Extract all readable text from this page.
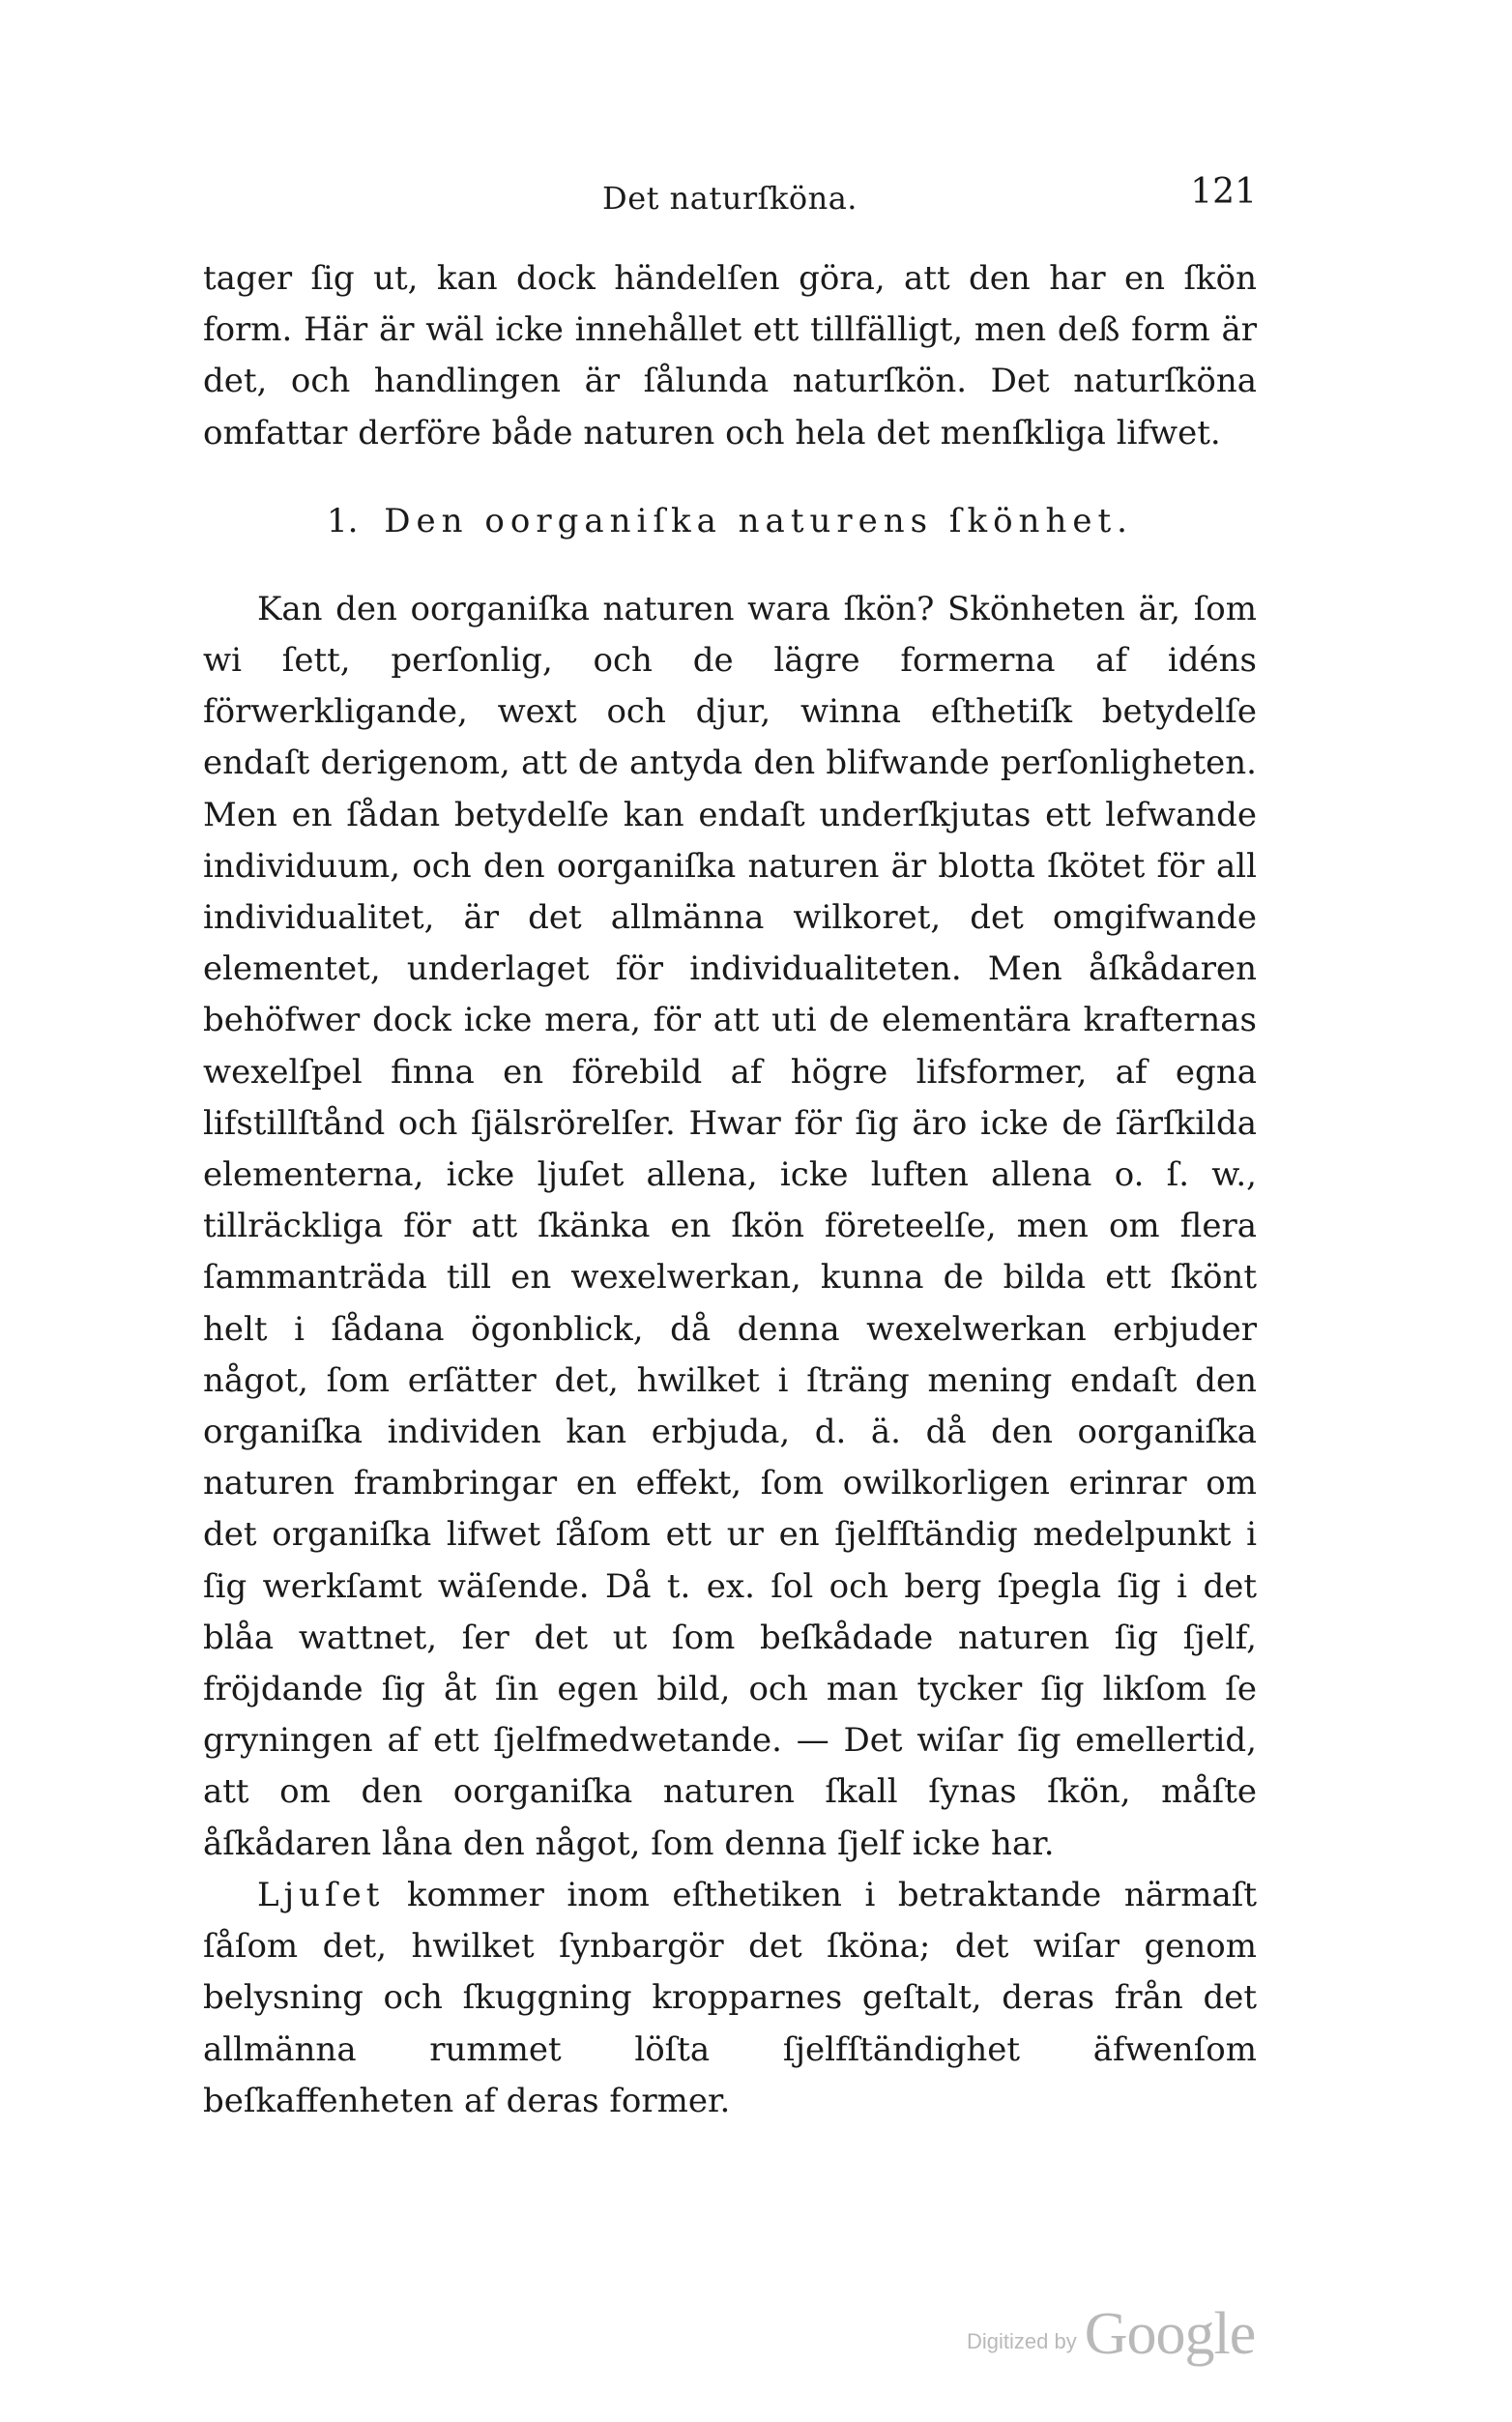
Det naturſköna.	121

tager ſig ut, kan dock händelſen göra, att den har en ſkön form. Här är wäl icke innehållet ett tillfälligt, men deß form är det, och handlingen är ſålunda naturſkön. Det naturſköna omfattar derföre både naturen och hela det menſkliga lifwet.

1. Den oorganiſka naturens ſkönhet.

Kan den oorganiſka naturen wara ſkön? Skönheten är, ſom wi ſett, perſonlig, och de lägre formerna af idéns förwerkligande, wext och djur, winna eſthetiſk betydelſe endaſt derigenom, att de antyda den blifwande perſonligheten. Men en ſådan betydelſe kan endaſt underſkjutas ett lefwande individuum, och den oorganiſka naturen är blotta ſkötet för all individualitet, är det allmänna wilkoret, det omgifwande elementet, underlaget för individualiteten. Men åſkådaren behöfwer dock icke mera, för att uti de elementära krafternas wexelſpel finna en förebild af högre lifsformer, af egna lifstillſtånd och ſjälsrörelſer. Hwar för ſig äro icke de ſärſkilda elementerna, icke ljuſet allena, icke luften allena o. ſ. w., tillräckliga för att ſkänka en ſkön företeelſe, men om flera ſammanträda till en wexelwerkan, kunna de bilda ett ſkönt helt i ſådana ögonblick, då denna wexelwerkan erbjuder något, ſom erſätter det, hwilket i ſträng mening endaſt den organiſka individen kan erbjuda, d. ä. då den oorganiſka naturen frambringar en effekt, ſom owilkorligen erinrar om det organiſka lifwet ſåſom ett ur en ſjelfſtändig medelpunkt i ſig werkſamt wäſende. Då t. ex. ſol och berg ſpegla ſig i det blåa wattnet, ſer det ut ſom beſkådade naturen ſig ſjelf, fröjdande ſig åt ſin egen bild, och man tycker ſig likſom ſe gryningen af ett ſjelfmedwetande. — Det wiſar ſig emellertid, att om den oorganiſka naturen ſkall ſynas ſkön, måſte åſkådaren låna den något, ſom denna ſjelf icke har.

Ljuſet kommer inom eſthetiken i betraktande närmaſt ſåſom det, hwilket ſynbargör det ſköna; det wiſar genom belysning och ſkuggning kropparnes geſtalt, deras från det allmänna rummet löſta ſjelfſtändighet äfwenſom beſkaffenheten af deras former.

Digitized by Google
